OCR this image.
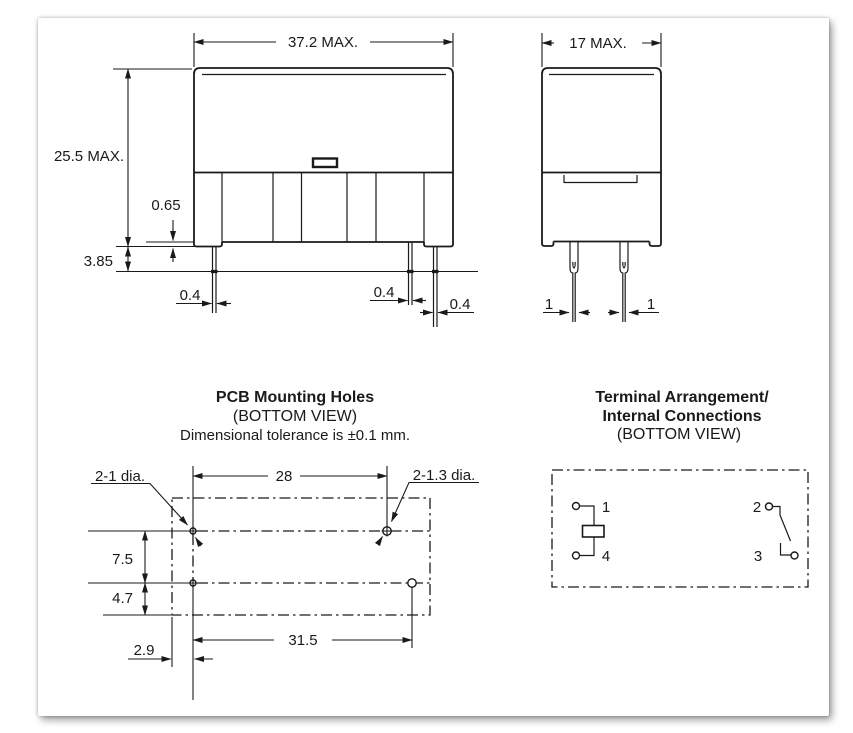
37.2 MAX.
25.5 MAX.
0.65
3.85
0.4	0.4
0.4
17 MAX.
1	1
PCB Mounting Holes
(BOTTOM VIEW)
Dimensional tolerance is ±0.1 mm.
2-1 dia.	2-1.3 dia.
28
7.5
4.7
31.5
2.9
Terminal Arrangement/
Internal Connections
(BOTTOM VIEW)
1
4
2
3
